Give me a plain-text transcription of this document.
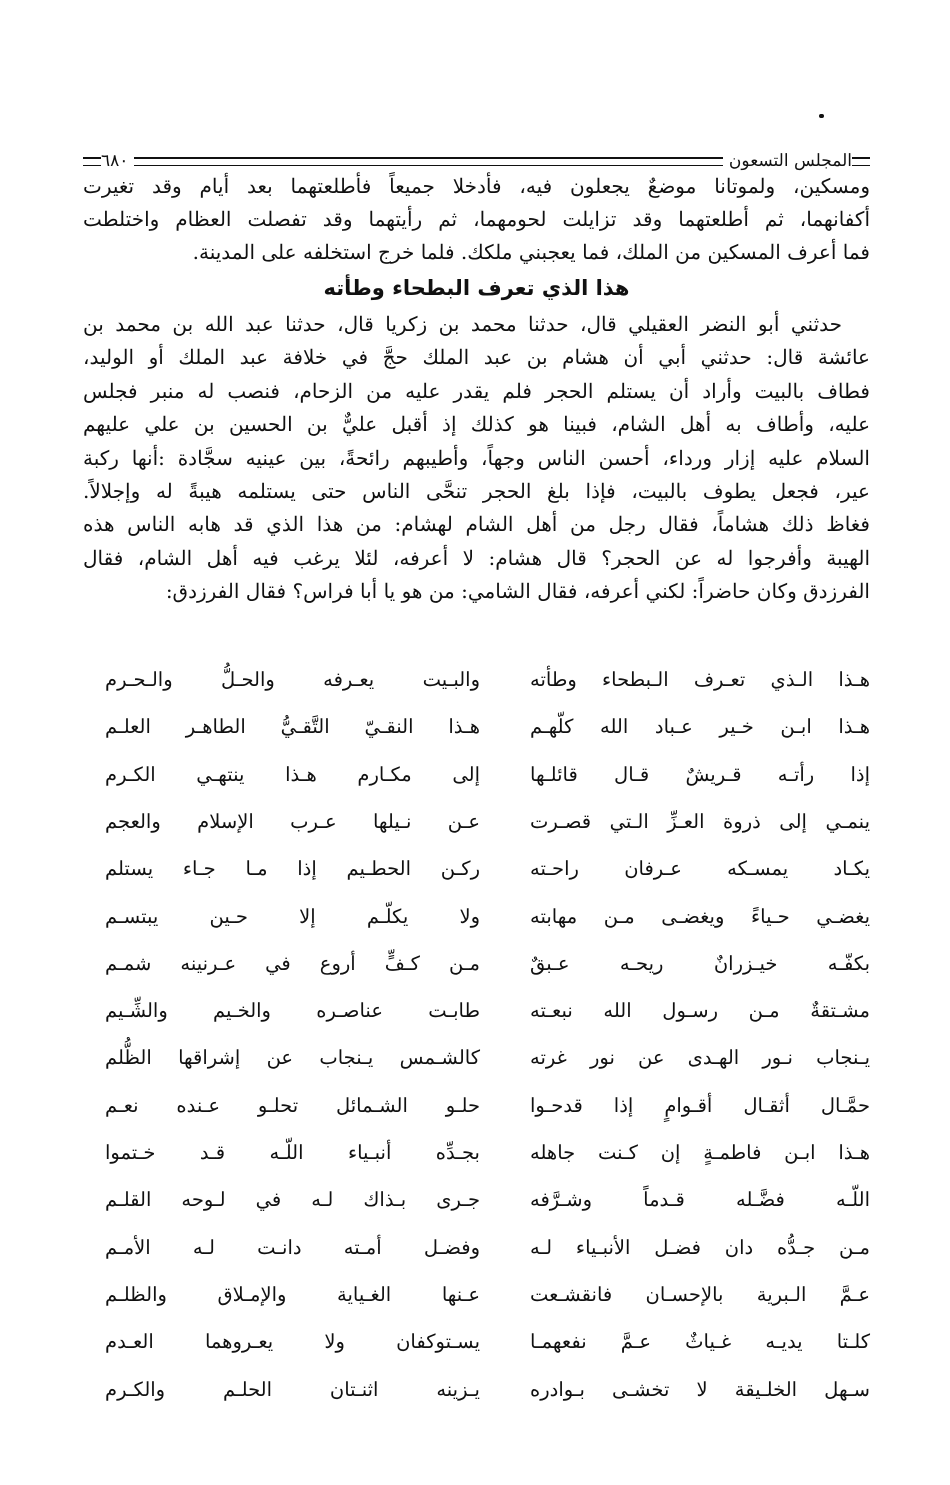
المجلس التسعون
٦٨٠
ومسكين، ولموتانا موضعٌ يجعلون فيه، فأدخلا جميعاً فأطلعتهما بعد أيام وقد تغيرت
أكفانهما، ثم أطلعتهما وقد تزايلت لحومهما، ثم رأيتهما وقد تفصلت العظام واختلطت
فما أعرف المسكين من الملك، فما يعجبني ملكك. فلما خرج استخلفه على المدينة.
هذا الذي تعرف البطحاء وطأته
حدثني أبو النضر العقيلي قال، حدثنا محمد بن زكريا قال، حدثنا عبد الله بن محمد بن
عائشة قال: حدثني أبي أن هشام بن عبد الملك حجَّ في خلافة عبد الملك أو الوليد،
فطاف بالبيت وأراد أن يستلم الحجر فلم يقدر عليه من الزحام، فنصب له منبر فجلس
عليه، وأطاف به أهل الشام، فبينا هو كذلك إذ أقبل عليٌّ بن الحسين بن علي عليهم
السلام عليه إزار ورداء، أحسن الناس وجهاً، وأطيبهم رائحةً، بين عينيه سجَّادة :أنها ركبة
عير، فجعل يطوف بالبيت، فإذا بلغ الحجر تنحَّى الناس حتى يستلمه هيبةً له وإجلالاً.
فغاظ ذلك هشاماً، فقال رجل من أهل الشام لهشام: من هذا الذي قد هابه الناس هذه
الهيبة وأفرجوا له عن الحجر؟ قال هشام: لا أعرفه، لئلا يرغب فيه أهل الشام، فقال
الفرزدق وكان حاضراً: لكني أعرفه، فقال الشامي: من هو يا أبا فراس؟ فقال الفرزدق:
هـذا الـذي تعـرف الـبطحاء وطأته
والبـيت يعـرفه والحـلُّ والـحـرم
هـذا ابـن خـير عـباد الله كلّهـم
هـذا النقـيّ التَّقـيُّ الطاهـر العلـم
إذا رأتـه قـريشٌ قـال قائلـها
إلى مكـارم هـذا ينتهـي الكـرم
ينمـي إلى ذروة العـزِّ الـتي قصـرت
عـن نـيلها عـرب الإسلام والعجم
يكـاد يمسـكه عـرفان راحـته
ركـن الحطـيم إذا مـا جـاء يستلم
يغضـي حـياءً ويغضـى مـن مهابته
ولا يكلّـم إلا حـين يبتسـم
بكفّـه خيـزرانٌ ريحـه عـبقٌ
مـن كـفٍّ أروع في عـرنينه شمـم
مشـتقةٌ مـن رسـول الله نبعـته
طابـت عناصـره والخـيم والشِّـيم
يـنجاب نـور الهـدى عن نور غرته
كالشـمس يـنجاب عن إشراقها الظُّلم
حمَّـال أثقـال أقـوامٍ إذا قدحـوا
حلـو الشـمائل تحلـو عـنده نعـم
هـذا ابـن فاطمـةٍ إن كـنت جاهله
بجـدِّه أنبـياء اللّـه قـد خـتموا
اللّـه فضَّـله قـدماً وشـرَّفه
جـرى بـذاك لـه في لـوحه القلـم
مـن جـدُّه دان فضـل الأنبـياء لـه
وفضـل أمـته دانـت لـه الأمـم
عـمَّ الـبرية بالإحسـان فانقشـعت
عـنها الغـياية والإمـلاق والظلـم
كلـتا يديـه غـياثٌ عـمَّ نفعهمـا
يسـتوكفان ولا يعـروهما العـدم
سـهل الخلـيقة لا تخشـى بـوادره
يـزينه اثنـتان الحلـم والكـرم
